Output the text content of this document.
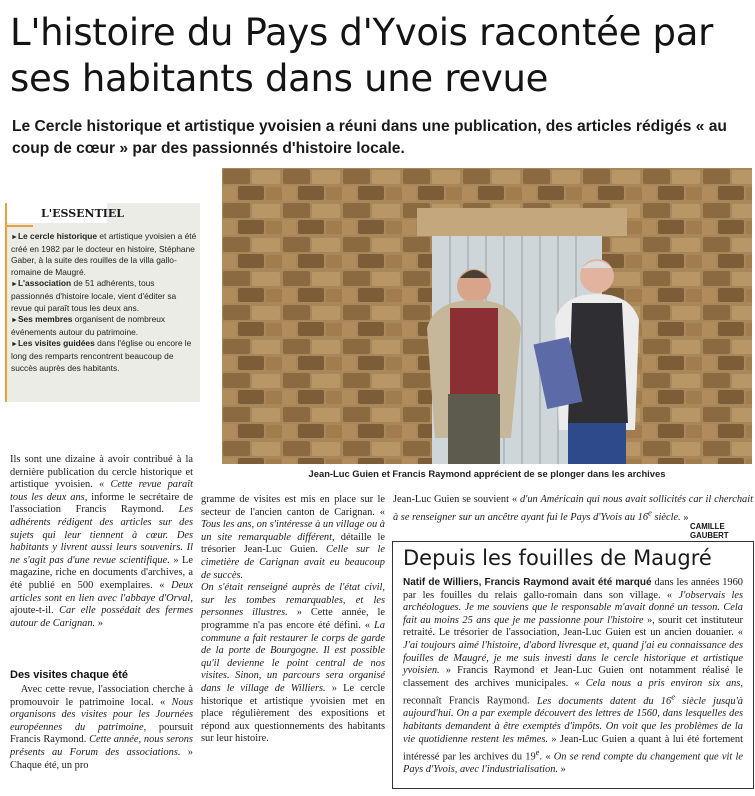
L'histoire du Pays d'Yvois racontée par ses habitants dans une revue

Le Cercle historique et artistique yvoisien a réuni dans une publication, des articles rédigés « au coup de cœur » par des passionnés d'histoire locale.

L'ESSENTIEL

►Le cercle historique et artistique yvoisien a été créé en 1982 par le docteur en histoire, Stéphane Gaber, à la suite des rouilles de la villa gallo-romaine de Maugré.

►L'association de 51 adhérents, tous passionnés d'histoire locale, vient d'éditer sa revue qui paraît tous les deux ans.

►Ses membres organisent de nombreux événements autour du patrimoine.

►Les visites guidées dans l'église ou encore le long des remparts rencontrent beaucoup de succès auprès des habitants.

Jean-Luc Guien et Francis Raymond apprécient de se plonger dans les archives

Ils sont une dizaine à avoir contribué à la dernière publication du cercle historique et artistique yvoisien. « Cette revue paraît tous les deux ans, informe le secrétaire de l'association Francis Raymond. Les adhérents rédigent des articles sur des sujets qui leur tiennent à cœur. Des habitants y livrent aussi leurs souvenirs. Il ne s'agit pas d'une revue scientifique. » Le magazine, riche en documents d'archives, a été publié en 500 exemplaires. « Deux articles sont en lien avec l'abbaye d'Orval, ajoute-t-il. Car elle possédait des fermes autour de Carignan. »

Des visites chaque été

Avec cette revue, l'association cherche à promouvoir le patrimoine local. « Nous organisons des visites pour les Journées européennes du patrimoine, poursuit Francis Raymond. Cette année, nous serons présents au Forum des associations. » Chaque été, un pro

gramme de visites est mis en place sur le secteur de l'ancien canton de Carignan. « Tous les ans, on s'intéresse à un village ou à un site remarquable différent, détaille le trésorier Jean-Luc Guien. Celle sur le cimetière de Carignan avait eu beaucoup de succès.

On s'était renseigné auprès de l'état civil, sur les tombes remarquables, et les personnes illustres. » Cette année, le programme n'a pas encore été défini. « La commune a fait restaurer le corps de garde de la porte de Bourgogne. Il est possible qu'il devienne le point central de nos visites. Sinon, un parcours sera organisé dans le village de Williers. » Le cercle historique et artistique yvoisien met en place régulièrement des expositions et répond aux questionnements des habitants sur leur histoire.

Jean-Luc Guien se souvient « d'un Américain qui nous avait sollicités car il cherchait à se renseigner sur un ancêtre ayant fui le Pays d'Yvois au 16e siècle. »

CAMILLE GAUBERT
Depuis les fouilles de Maugré
Natif de Williers, Francis Raymond avait été marqué dans les années 1960 par les fouilles du relais gallo-romain dans son village. « J'observais les archéologues. Je me souviens que le responsable m'avait donné un tesson. Cela fait au moins 25 ans que je me passionne pour l'histoire », sourit cet instituteur retraité. Le trésorier de l'association, Jean-Luc Guien est un ancien douanier. « J'ai toujours aimé l'histoire, d'abord livresque et, quand j'ai eu connaissance des fouilles de Maugré, je me suis investi dans le cercle historique et artistique yvoisien. » Francis Raymond et Jean-Luc Guien ont notamment réalisé le classement des archives municipales. « Cela nous a pris environ six ans, reconnaît Francis Raymond. Les documents datent du 16e siècle jusqu'à aujourd'hui. On a par exemple découvert des lettres de 1560, dans lesquelles des habitants demandent à être exemptés d'impôts. On voit que les problèmes de la vie quotidienne restent les mêmes. » Jean-Luc Guien a quant à lui été fortement intéressé par les archives du 19e. « On se rend compte du changement que vit le Pays d'Yvois, avec l'industrialisation. »
